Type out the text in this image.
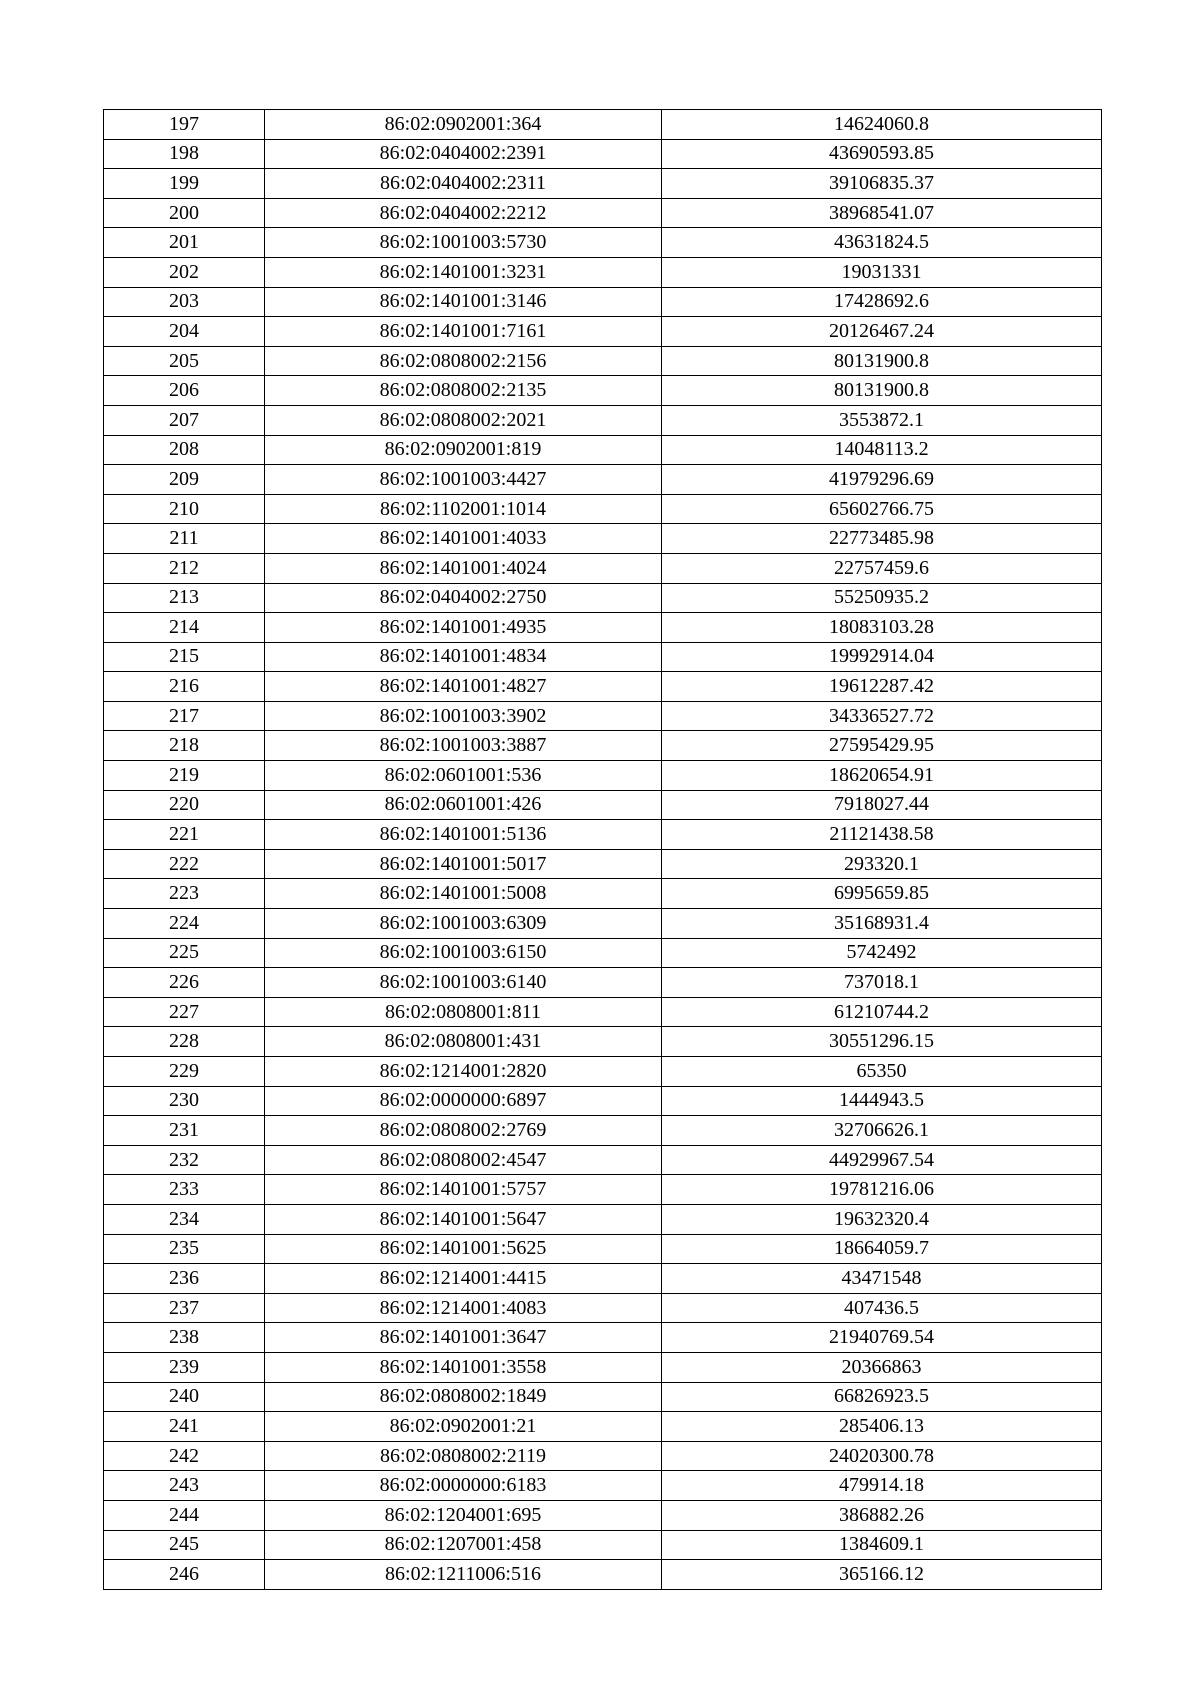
197	86:02:0902001:364	14624060.8
198	86:02:0404002:2391	43690593.85
199	86:02:0404002:2311	39106835.37
200	86:02:0404002:2212	38968541.07
201	86:02:1001003:5730	43631824.5
202	86:02:1401001:3231	19031331
203	86:02:1401001:3146	17428692.6
204	86:02:1401001:7161	20126467.24
205	86:02:0808002:2156	80131900.8
206	86:02:0808002:2135	80131900.8
207	86:02:0808002:2021	3553872.1
208	86:02:0902001:819	14048113.2
209	86:02:1001003:4427	41979296.69
210	86:02:1102001:1014	65602766.75
211	86:02:1401001:4033	22773485.98
212	86:02:1401001:4024	22757459.6
213	86:02:0404002:2750	55250935.2
214	86:02:1401001:4935	18083103.28
215	86:02:1401001:4834	19992914.04
216	86:02:1401001:4827	19612287.42
217	86:02:1001003:3902	34336527.72
218	86:02:1001003:3887	27595429.95
219	86:02:0601001:536	18620654.91
220	86:02:0601001:426	7918027.44
221	86:02:1401001:5136	21121438.58
222	86:02:1401001:5017	293320.1
223	86:02:1401001:5008	6995659.85
224	86:02:1001003:6309	35168931.4
225	86:02:1001003:6150	5742492
226	86:02:1001003:6140	737018.1
227	86:02:0808001:811	61210744.2
228	86:02:0808001:431	30551296.15
229	86:02:1214001:2820	65350
230	86:02:0000000:6897	1444943.5
231	86:02:0808002:2769	32706626.1
232	86:02:0808002:4547	44929967.54
233	86:02:1401001:5757	19781216.06
234	86:02:1401001:5647	19632320.4
235	86:02:1401001:5625	18664059.7
236	86:02:1214001:4415	43471548
237	86:02:1214001:4083	407436.5
238	86:02:1401001:3647	21940769.54
239	86:02:1401001:3558	20366863
240	86:02:0808002:1849	66826923.5
241	86:02:0902001:21	285406.13
242	86:02:0808002:2119	24020300.78
243	86:02:0000000:6183	479914.18
244	86:02:1204001:695	386882.26
245	86:02:1207001:458	1384609.1
246	86:02:1211006:516	365166.12
